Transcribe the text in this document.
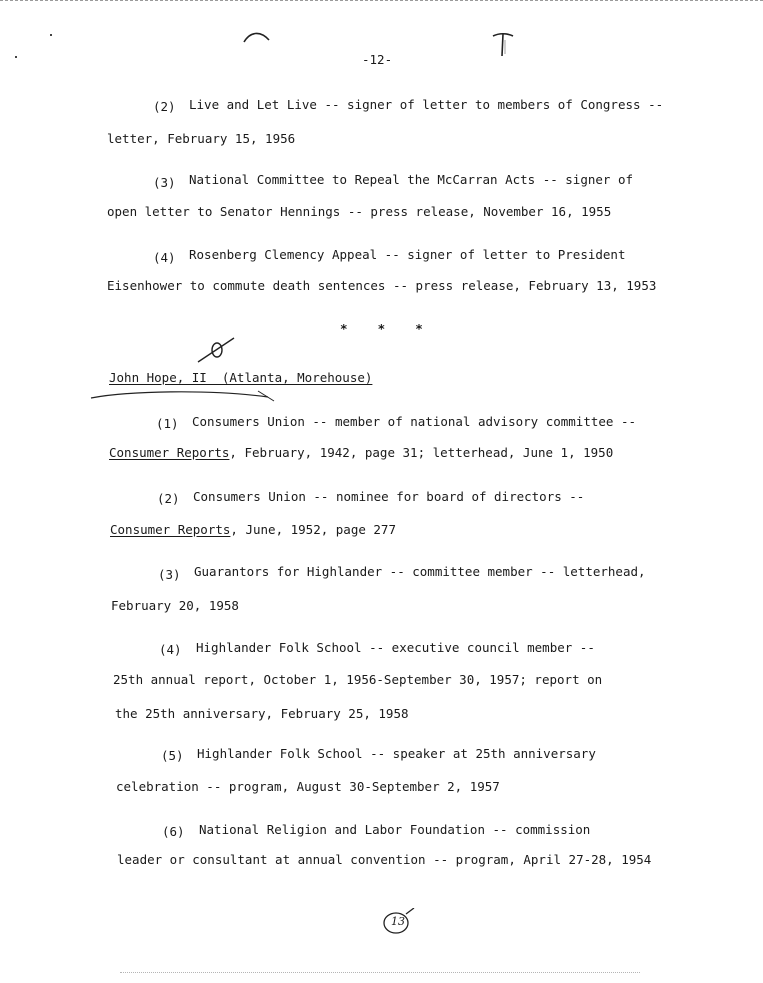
-12-
(2) Live and Let Live -- signer of letter to members of Congress --
letter, February 15, 1956
(3) National Committee to Repeal the McCarran Acts -- signer of
open letter to Senator Hennings -- press release, November 16, 1955
(4) Rosenberg Clemency Appeal -- signer of letter to President
Eisenhower to commute death sentences -- press release, February 13, 1953
*    *    *
John Hope, II  (Atlanta, Morehouse)
(1) Consumers Union -- member of national advisory committee --
Consumer Reports, February, 1942, page 31; letterhead, June 1, 1950
(2) Consumers Union -- nominee for board of directors --
Consumer Reports, June, 1952, page 277
(3) Guarantors for Highlander -- committee member -- letterhead,
February 20, 1958
(4) Highlander Folk School -- executive council member --
25th annual report, October 1, 1956-September 30, 1957; report on
the 25th anniversary, February 25, 1958
(5) Highlander Folk School -- speaker at 25th anniversary
celebration -- program, August 30-September 2, 1957
(6) National Religion and Labor Foundation -- commission
leader or consultant at annual convention -- program, April 27-28, 1954
13
